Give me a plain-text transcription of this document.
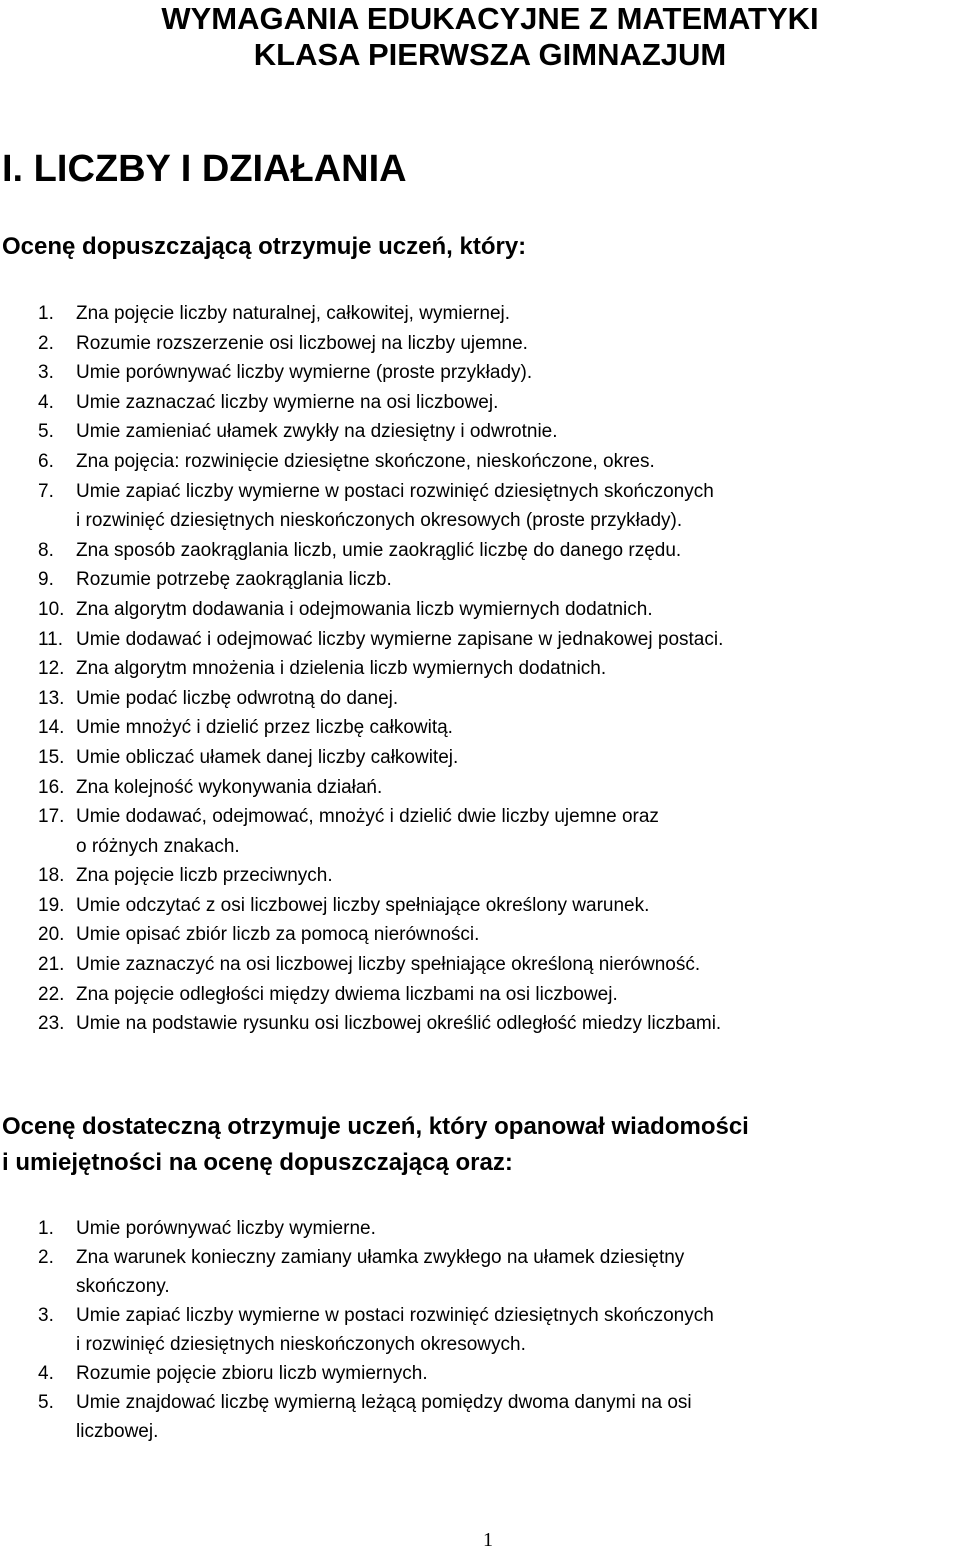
WYMAGANIA EDUKACYJNE Z MATEMATYKI
KLASA PIERWSZA GIMNAZJUM
I. LICZBY I DZIAŁANIA
Ocenę dopuszczającą otrzymuje uczeń, który:
1. Zna pojęcie liczby naturalnej, całkowitej, wymiernej.
2. Rozumie rozszerzenie osi liczbowej na liczby ujemne.
3. Umie porównywać liczby wymierne (proste przykłady).
4. Umie zaznaczać liczby wymierne na osi liczbowej.
5. Umie zamieniać ułamek zwykły na dziesiętny i odwrotnie.
6. Zna pojęcia: rozwinięcie dziesiętne skończone, nieskończone, okres.
7. Umie zapiać liczby wymierne w postaci rozwinięć dziesiętnych skończonych
i rozwinięć dziesiętnych nieskończonych okresowych (proste przykłady).
8. Zna sposób zaokrąglania liczb, umie zaokrąglić liczbę do danego rzędu.
9. Rozumie potrzebę zaokrąglania liczb.
10. Zna algorytm dodawania i odejmowania liczb wymiernych dodatnich.
11. Umie dodawać i odejmować liczby wymierne zapisane w jednakowej postaci.
12. Zna algorytm mnożenia i dzielenia liczb wymiernych dodatnich.
13. Umie podać liczbę odwrotną do danej.
14. Umie mnożyć i dzielić przez liczbę całkowitą.
15. Umie obliczać ułamek danej liczby całkowitej.
16. Zna kolejność wykonywania działań.
17. Umie dodawać, odejmować, mnożyć i dzielić dwie liczby ujemne oraz
o różnych znakach.
18. Zna pojęcie liczb przeciwnych.
19. Umie odczytać z osi liczbowej liczby spełniające określony warunek.
20. Umie opisać zbiór liczb za pomocą nierówności.
21. Umie zaznaczyć na osi liczbowej liczby spełniające określoną nierówność.
22. Zna pojęcie odległości między dwiema liczbami na osi liczbowej.
23. Umie na podstawie rysunku osi liczbowej określić odległość miedzy liczbami.
Ocenę dostateczną otrzymuje uczeń, który opanował wiadomości
i umiejętności na ocenę dopuszczającą oraz:
1. Umie porównywać liczby wymierne.
2. Zna warunek konieczny zamiany ułamka zwykłego na ułamek dziesiętny
skończony.
3. Umie zapiać liczby wymierne w postaci rozwinięć dziesiętnych skończonych
i rozwinięć dziesiętnych nieskończonych okresowych.
4. Rozumie pojęcie zbioru liczb wymiernych.
5. Umie znajdować liczbę wymierną leżącą pomiędzy dwoma danymi na osi
liczbowej.
1
